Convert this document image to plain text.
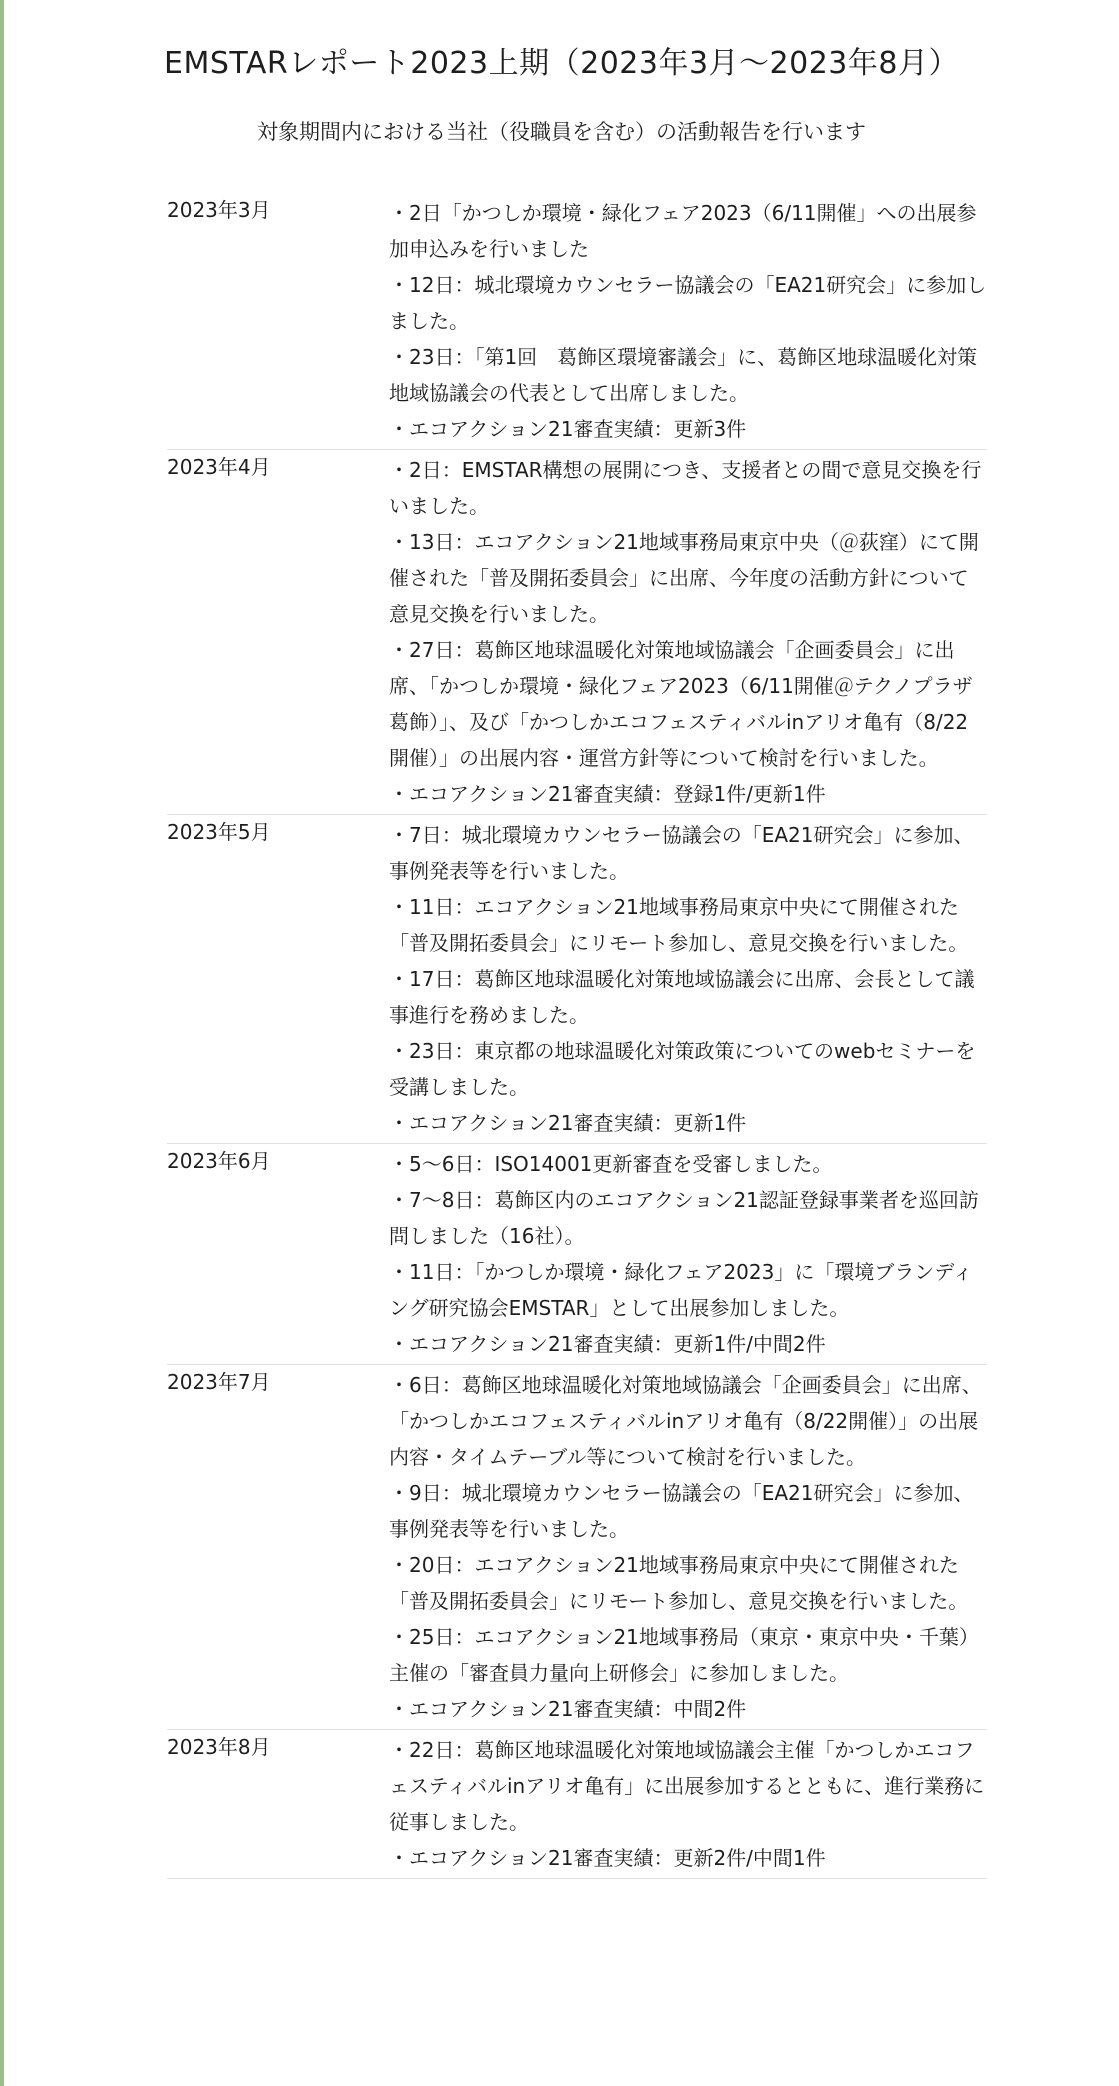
EMSTARレポート2023上期（2023年3月～2023年8月）

対象期間内における当社（役職員を含む）の活動報告を行います

2023年3月	・2日「かつしか環境・緑化フェア2023（6/11開催」への出展参加申込みを行いました

・12日：城北環境カウンセラー協議会の「EA21研究会」に参加しました。

・23日：「第1回　葛飾区環境審議会」に、葛飾区地球温暖化対策地域協議会の代表として出席しました。

・エコアクション21審査実績：更新3件

2023年4月	・2日：EMSTAR構想の展開につき、支援者との間で意見交換を行いました。

・13日：エコアクション21地域事務局東京中央（＠荻窪）にて開催された「普及開拓委員会」に出席、今年度の活動方針について意見交換を行いました。

・27日：葛飾区地球温暖化対策地域協議会「企画委員会」に出席、「かつしか環境・緑化フェア2023（6/11開催＠テクノプラザ葛飾）」、及び「かつしかエコフェスティバルinアリオ亀有（8/22開催）」の出展内容・運営方針等について検討を行いました。

・エコアクション21審査実績：登録1件/更新1件

2023年5月	・7日：城北環境カウンセラー協議会の「EA21研究会」に参加、事例発表等を行いました。

・11日：エコアクション21地域事務局東京中央にて開催された「普及開拓委員会」にリモート参加し、意見交換を行いました。

・17日：葛飾区地球温暖化対策地域協議会に出席、会長として議事進行を務めました。

・23日：東京都の地球温暖化対策政策についてのwebセミナーを受講しました。

・エコアクション21審査実績：更新1件

2023年6月	・5～6日：ISO14001更新審査を受審しました。

・7～8日：葛飾区内のエコアクション21認証登録事業者を巡回訪問しました（16社）。

・11日：「かつしか環境・緑化フェア2023」に「環境ブランディング研究協会EMSTAR」として出展参加しました。

・エコアクション21審査実績：更新1件/中間2件

2023年7月	・6日：葛飾区地球温暖化対策地域協議会「企画委員会」に出席、「かつしかエコフェスティバルinアリオ亀有（8/22開催）」の出展内容・タイムテーブル等について検討を行いました。

・9日：城北環境カウンセラー協議会の「EA21研究会」に参加、事例発表等を行いました。

・20日：エコアクション21地域事務局東京中央にて開催された「普及開拓委員会」にリモート参加し、意見交換を行いました。

・25日：エコアクション21地域事務局（東京・東京中央・千葉）主催の「審査員力量向上研修会」に参加しました。

・エコアクション21審査実績：中間2件

2023年8月	・22日：葛飾区地球温暖化対策地域協議会主催「かつしかエコフェスティバルinアリオ亀有」に出展参加するとともに、進行業務に従事しました。

・エコアクション21審査実績：更新2件/中間1件
